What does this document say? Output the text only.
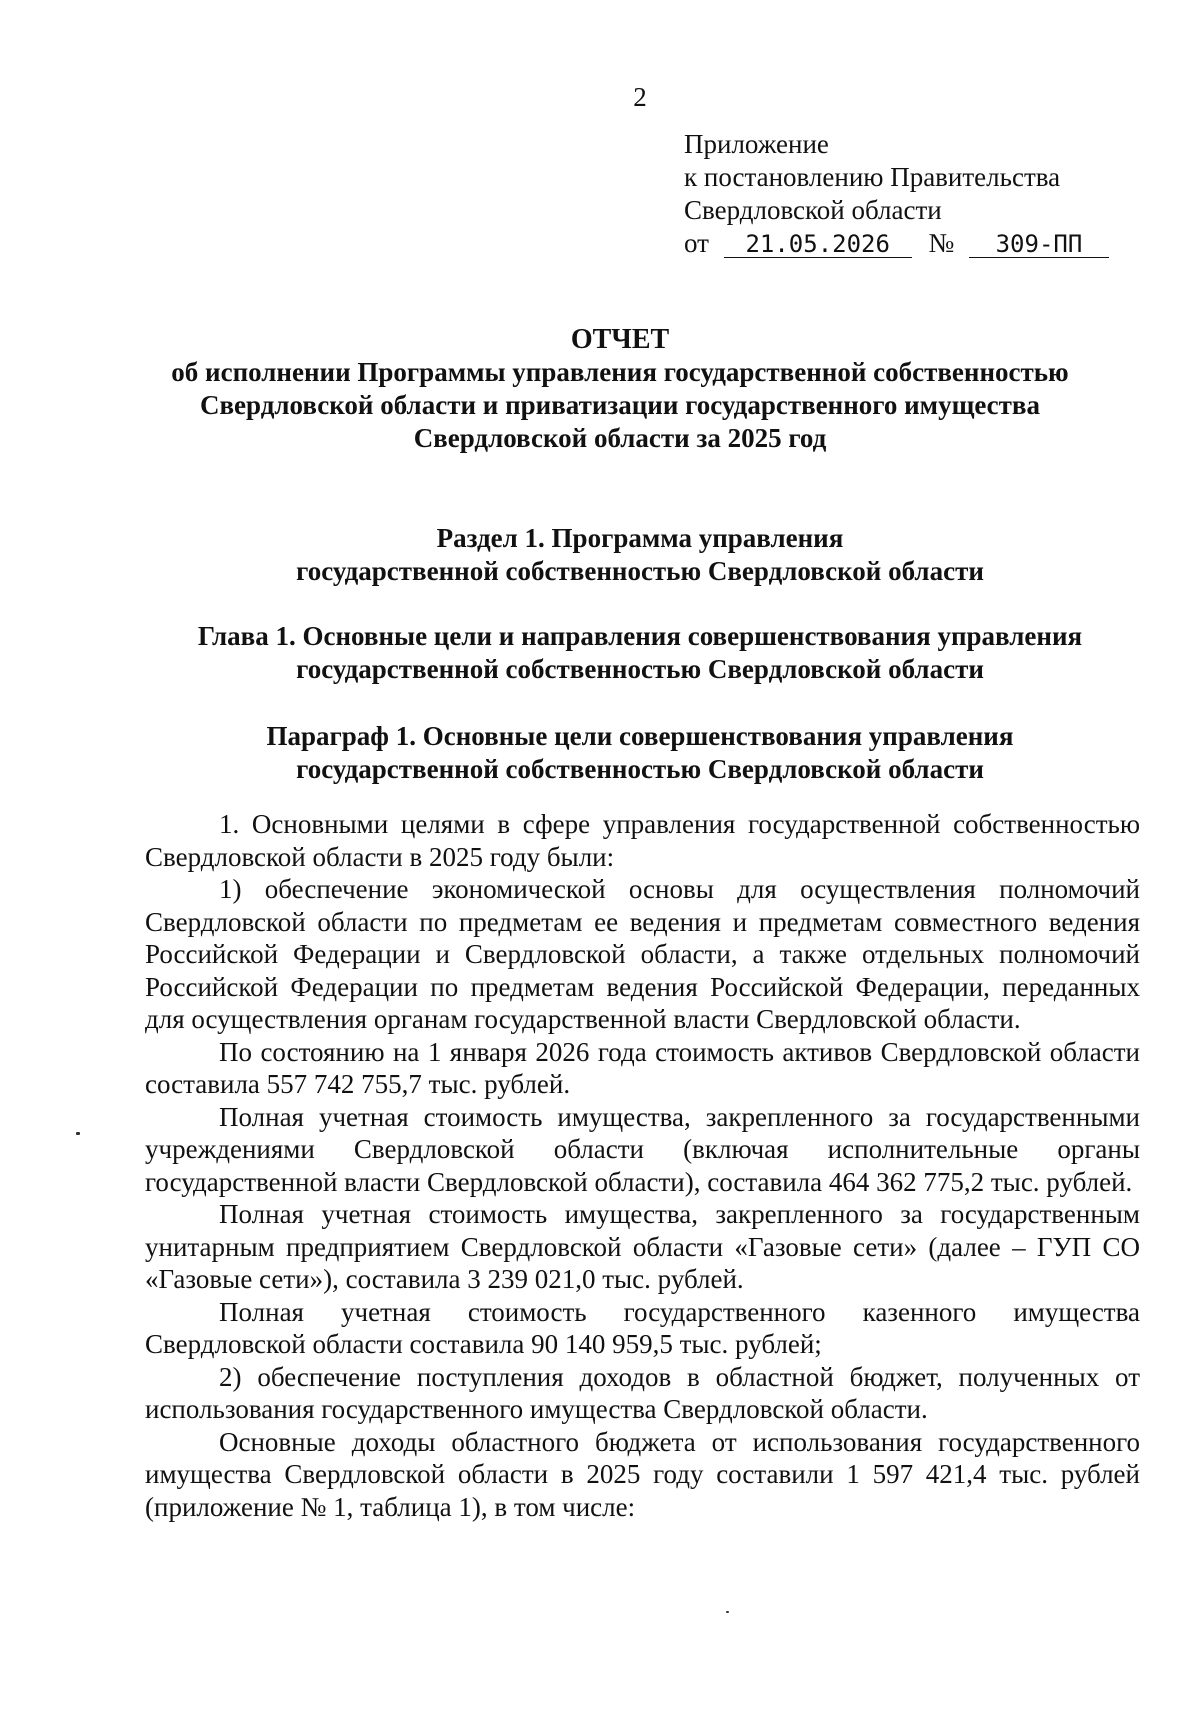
2
Приложение
к постановлению Правительства
Свердловской области
от 21.05.2026 № 309-ПП
ОТЧЕТ
об исполнении Программы управления государственной собственностью
Свердловской области и приватизации государственного имущества
Свердловской области за 2025 год
Раздел 1. Программа управления
государственной собственностью Свердловской области
Глава 1. Основные цели и направления совершенствования управления
государственной собственностью Свердловской области
Параграф 1. Основные цели совершенствования управления
государственной собственностью Свердловской области

1. Основными целями в сфере управления государственной собственностью Свердловской области в 2025 году были:

1) обеспечение экономической основы для осуществления полномочий Свердловской области по предметам ее ведения и предметам совместного ведения Российской Федерации и Свердловской области, а также отдельных полномочий Российской Федерации по предметам ведения Российской Федерации, переданных для осуществления органам государственной власти Свердловской области.

По состоянию на 1 января 2026 года стоимость активов Свердловской области составила 557 742 755,7 тыс. рублей.

Полная учетная стоимость имущества, закрепленного за государственными учреждениями Свердловской области (включая исполнительные органы государственной власти Свердловской области), составила 464 362 775,2 тыс. рублей.

Полная учетная стоимость имущества, закрепленного за государственным унитарным предприятием Свердловской области «Газовые сети» (далее – ГУП СО «Газовые сети»), составила 3 239 021,0 тыс. рублей.

Полная учетная стоимость государственного казенного имущества Свердловской области составила 90 140 959,5 тыс. рублей;

2) обеспечение поступления доходов в областной бюджет, полученных от использования государственного имущества Свердловской области.

Основные доходы областного бюджета от использования государственного имущества Свердловской области в 2025 году составили 1 597 421,4 тыс. рублей (приложение № 1, таблица 1), в том числе:
